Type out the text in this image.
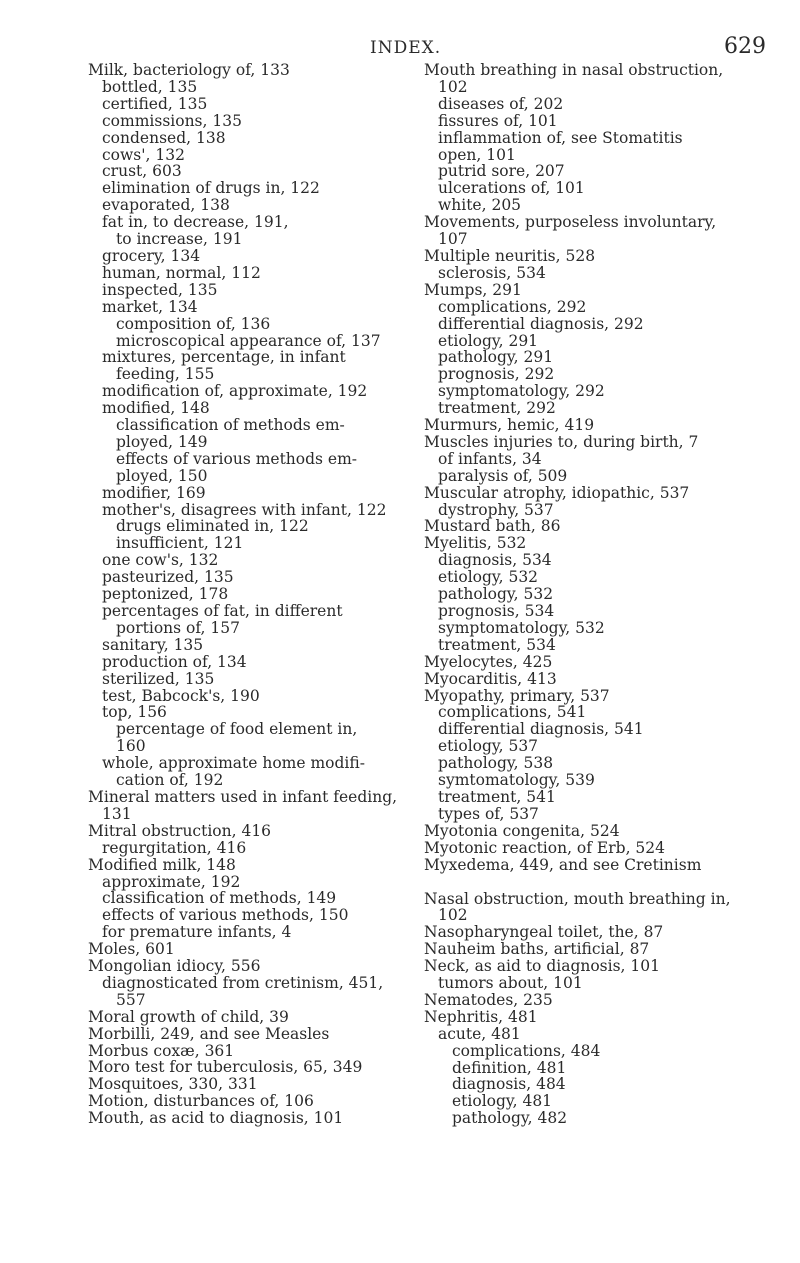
INDEX.	629
Milk, bacteriology of, 133
bottled, 135
certified, 135
commissions, 135
condensed, 138
cows', 132
crust, 603
elimination of drugs in, 122
evaporated, 138
fat in, to decrease, 191,
to increase, 191
grocery, 134
human, normal, 112
inspected, 135
market, 134
composition of, 136
microscopical appearance of, 137
mixtures, percentage, in infant
feeding, 155
modification of, approximate, 192
modified, 148
classification of methods em-
ployed, 149
effects of various methods em-
ployed, 150
modifier, 169
mother's, disagrees with infant, 122
drugs eliminated in, 122
insufficient, 121
one cow's, 132
pasteurized, 135
peptonized, 178
percentages of fat, in different
portions of, 157
sanitary, 135
production of, 134
sterilized, 135
test, Babcock's, 190
top, 156
percentage of food element in,
160
whole, approximate home modifi-
cation of, 192
Mineral matters used in infant feeding,
131
Mitral obstruction, 416
regurgitation, 416
Modified milk, 148
approximate, 192
classification of methods, 149
effects of various methods, 150
for premature infants, 4
Moles, 601
Mongolian idiocy, 556
diagnosticated from cretinism, 451,
557
Moral growth of child, 39
Morbilli, 249, and see Measles
Morbus coxæ, 361
Moro test for tuberculosis, 65, 349
Mosquitoes, 330, 331
Motion, disturbances of, 106
Mouth, as acid to diagnosis, 101
Mouth breathing in nasal obstruction,
102
diseases of, 202
fissures of, 101
inflammation of, see Stomatitis
open, 101
putrid sore, 207
ulcerations of, 101
white, 205
Movements, purposeless involuntary,
107
Multiple neuritis, 528
sclerosis, 534
Mumps, 291
complications, 292
differential diagnosis, 292
etiology, 291
pathology, 291
prognosis, 292
symptomatology, 292
treatment, 292
Murmurs, hemic, 419
Muscles injuries to, during birth, 7
of infants, 34
paralysis of, 509
Muscular atrophy, idiopathic, 537
dystrophy, 537
Mustard bath, 86
Myelitis, 532
diagnosis, 534
etiology, 532
pathology, 532
prognosis, 534
symptomatology, 532
treatment, 534
Myelocytes, 425
Myocarditis, 413
Myopathy, primary, 537
complications, 541
differential diagnosis, 541
etiology, 537
pathology, 538
symtomatology, 539
treatment, 541
types of, 537
Myotonia congenita, 524
Myotonic reaction, of Erb, 524
Myxedema, 449, and see Cretinism
Nasal obstruction, mouth breathing in,
102
Nasopharyngeal toilet, the, 87
Nauheim baths, artificial, 87
Neck, as aid to diagnosis, 101
tumors about, 101
Nematodes, 235
Nephritis, 481
acute, 481
complications, 484
definition, 481
diagnosis, 484
etiology, 481
pathology, 482
